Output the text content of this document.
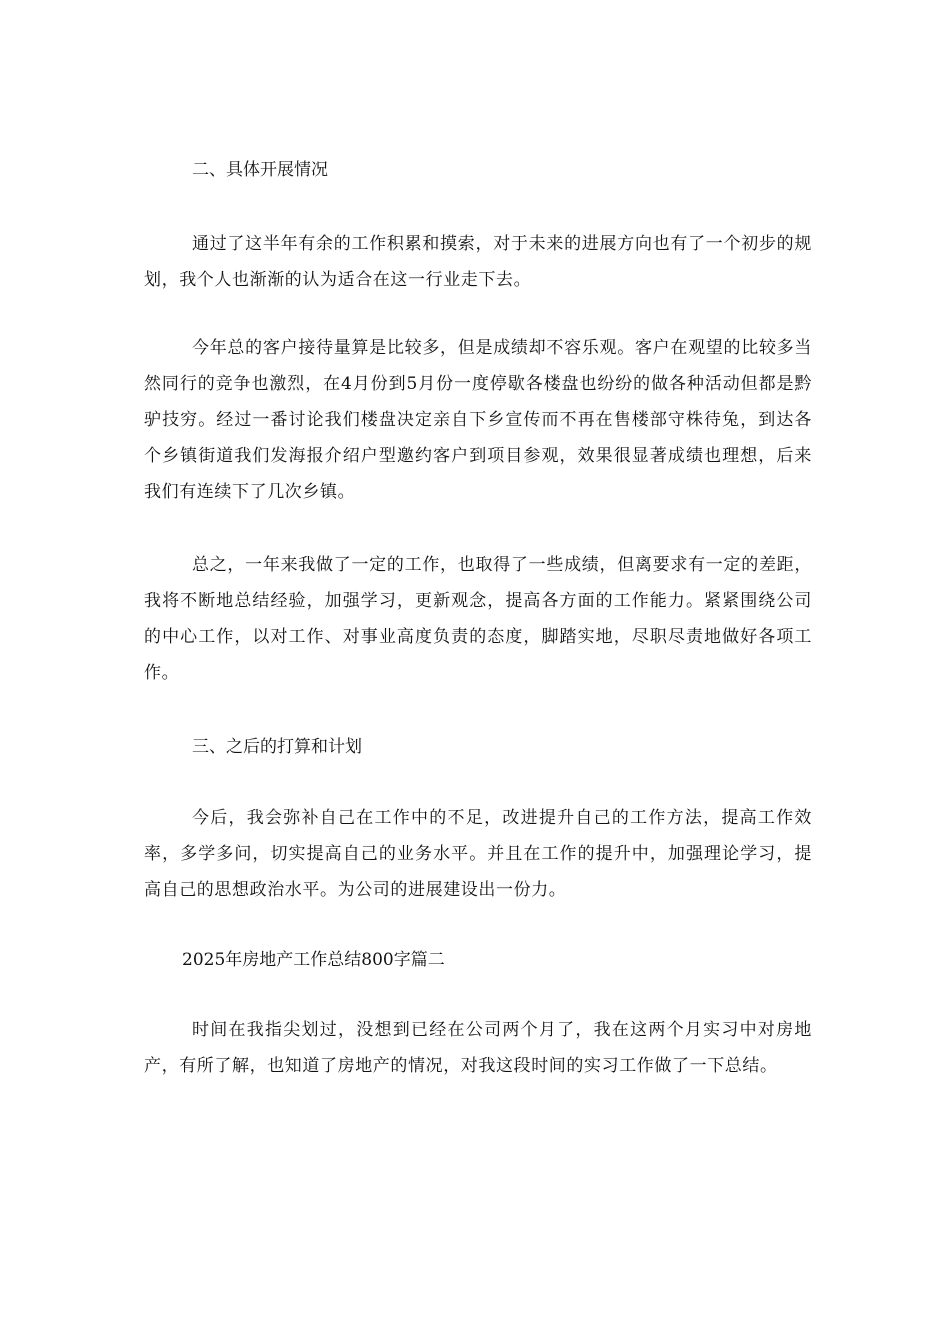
二、具体开展情况

通过了这半年有余的工作积累和摸索，对于未来的进展方向也有了一个初步的规划，我个人也渐渐的认为适合在这一行业走下去。

今年总的客户接待量算是比较多，但是成绩却不容乐观。客户在观望的比较多当然同行的竞争也激烈，在4月份到5月份一度停歇各楼盘也纷纷的做各种活动但都是黔驴技穷。经过一番讨论我们楼盘决定亲自下乡宣传而不再在售楼部守株待兔，到达各个乡镇街道我们发海报介绍户型邀约客户到项目参观，效果很显著成绩也理想，后来我们有连续下了几次乡镇。

总之，一年来我做了一定的工作，也取得了一些成绩，但离要求有一定的差距，我将不断地总结经验，加强学习，更新观念，提高各方面的工作能力。紧紧围绕公司的中心工作，以对工作、对事业高度负责的态度，脚踏实地，尽职尽责地做好各项工作。

三、之后的打算和计划

今后，我会弥补自己在工作中的不足，改进提升自己的工作方法，提高工作效率，多学多问，切实提高自己的业务水平。并且在工作的提升中，加强理论学习，提高自己的思想政治水平。为公司的进展建设出一份力。

2025年房地产工作总结800字篇二

时间在我指尖划过，没想到已经在公司两个月了，我在这两个月实习中对房地产，有所了解，也知道了房地产的情况，对我这段时间的实习工作做了一下总结。
